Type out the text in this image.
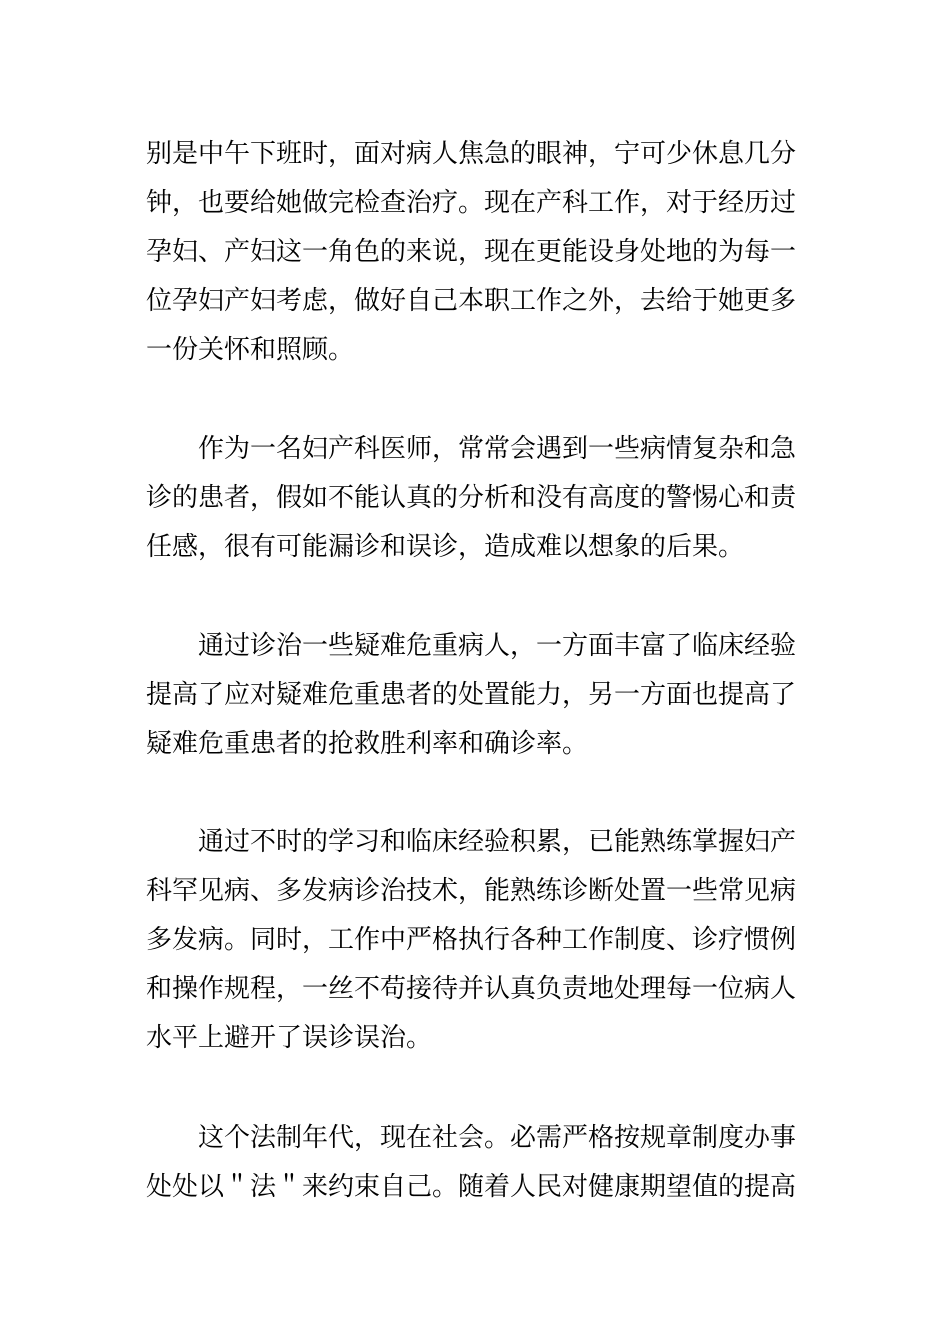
别是中午下班时，面对病人焦急的眼神，宁可少休息几分
钟，也要给她做完检查治疗。现在产科工作，对于经历过
孕妇、产妇这一角色的来说，现在更能设身处地的为每一
位孕妇产妇考虑，做好自己本职工作之外，去给于她更多
一份关怀和照顾。
作为一名妇产科医师，常常会遇到一些病情复杂和急
诊的患者，假如不能认真的分析和没有高度的警惕心和责
任感，很有可能漏诊和误诊，造成难以想象的后果。
通过诊治一些疑难危重病人，一方面丰富了临床经验
提高了应对疑难危重患者的处置能力，另一方面也提高了
疑难危重患者的抢救胜利率和确诊率。
通过不时的学习和临床经验积累，已能熟练掌握妇产
科罕见病、多发病诊治技术，能熟练诊断处置一些常见病
多发病。同时，工作中严格执行各种工作制度、诊疗惯例
和操作规程，一丝不苟接待并认真负责地处理每一位病人
水平上避开了误诊误治。
这个法制年代，现在社会。必需严格按规章制度办事
处处以＂法＂来约束自己。随着人民对健康期望值的提高
